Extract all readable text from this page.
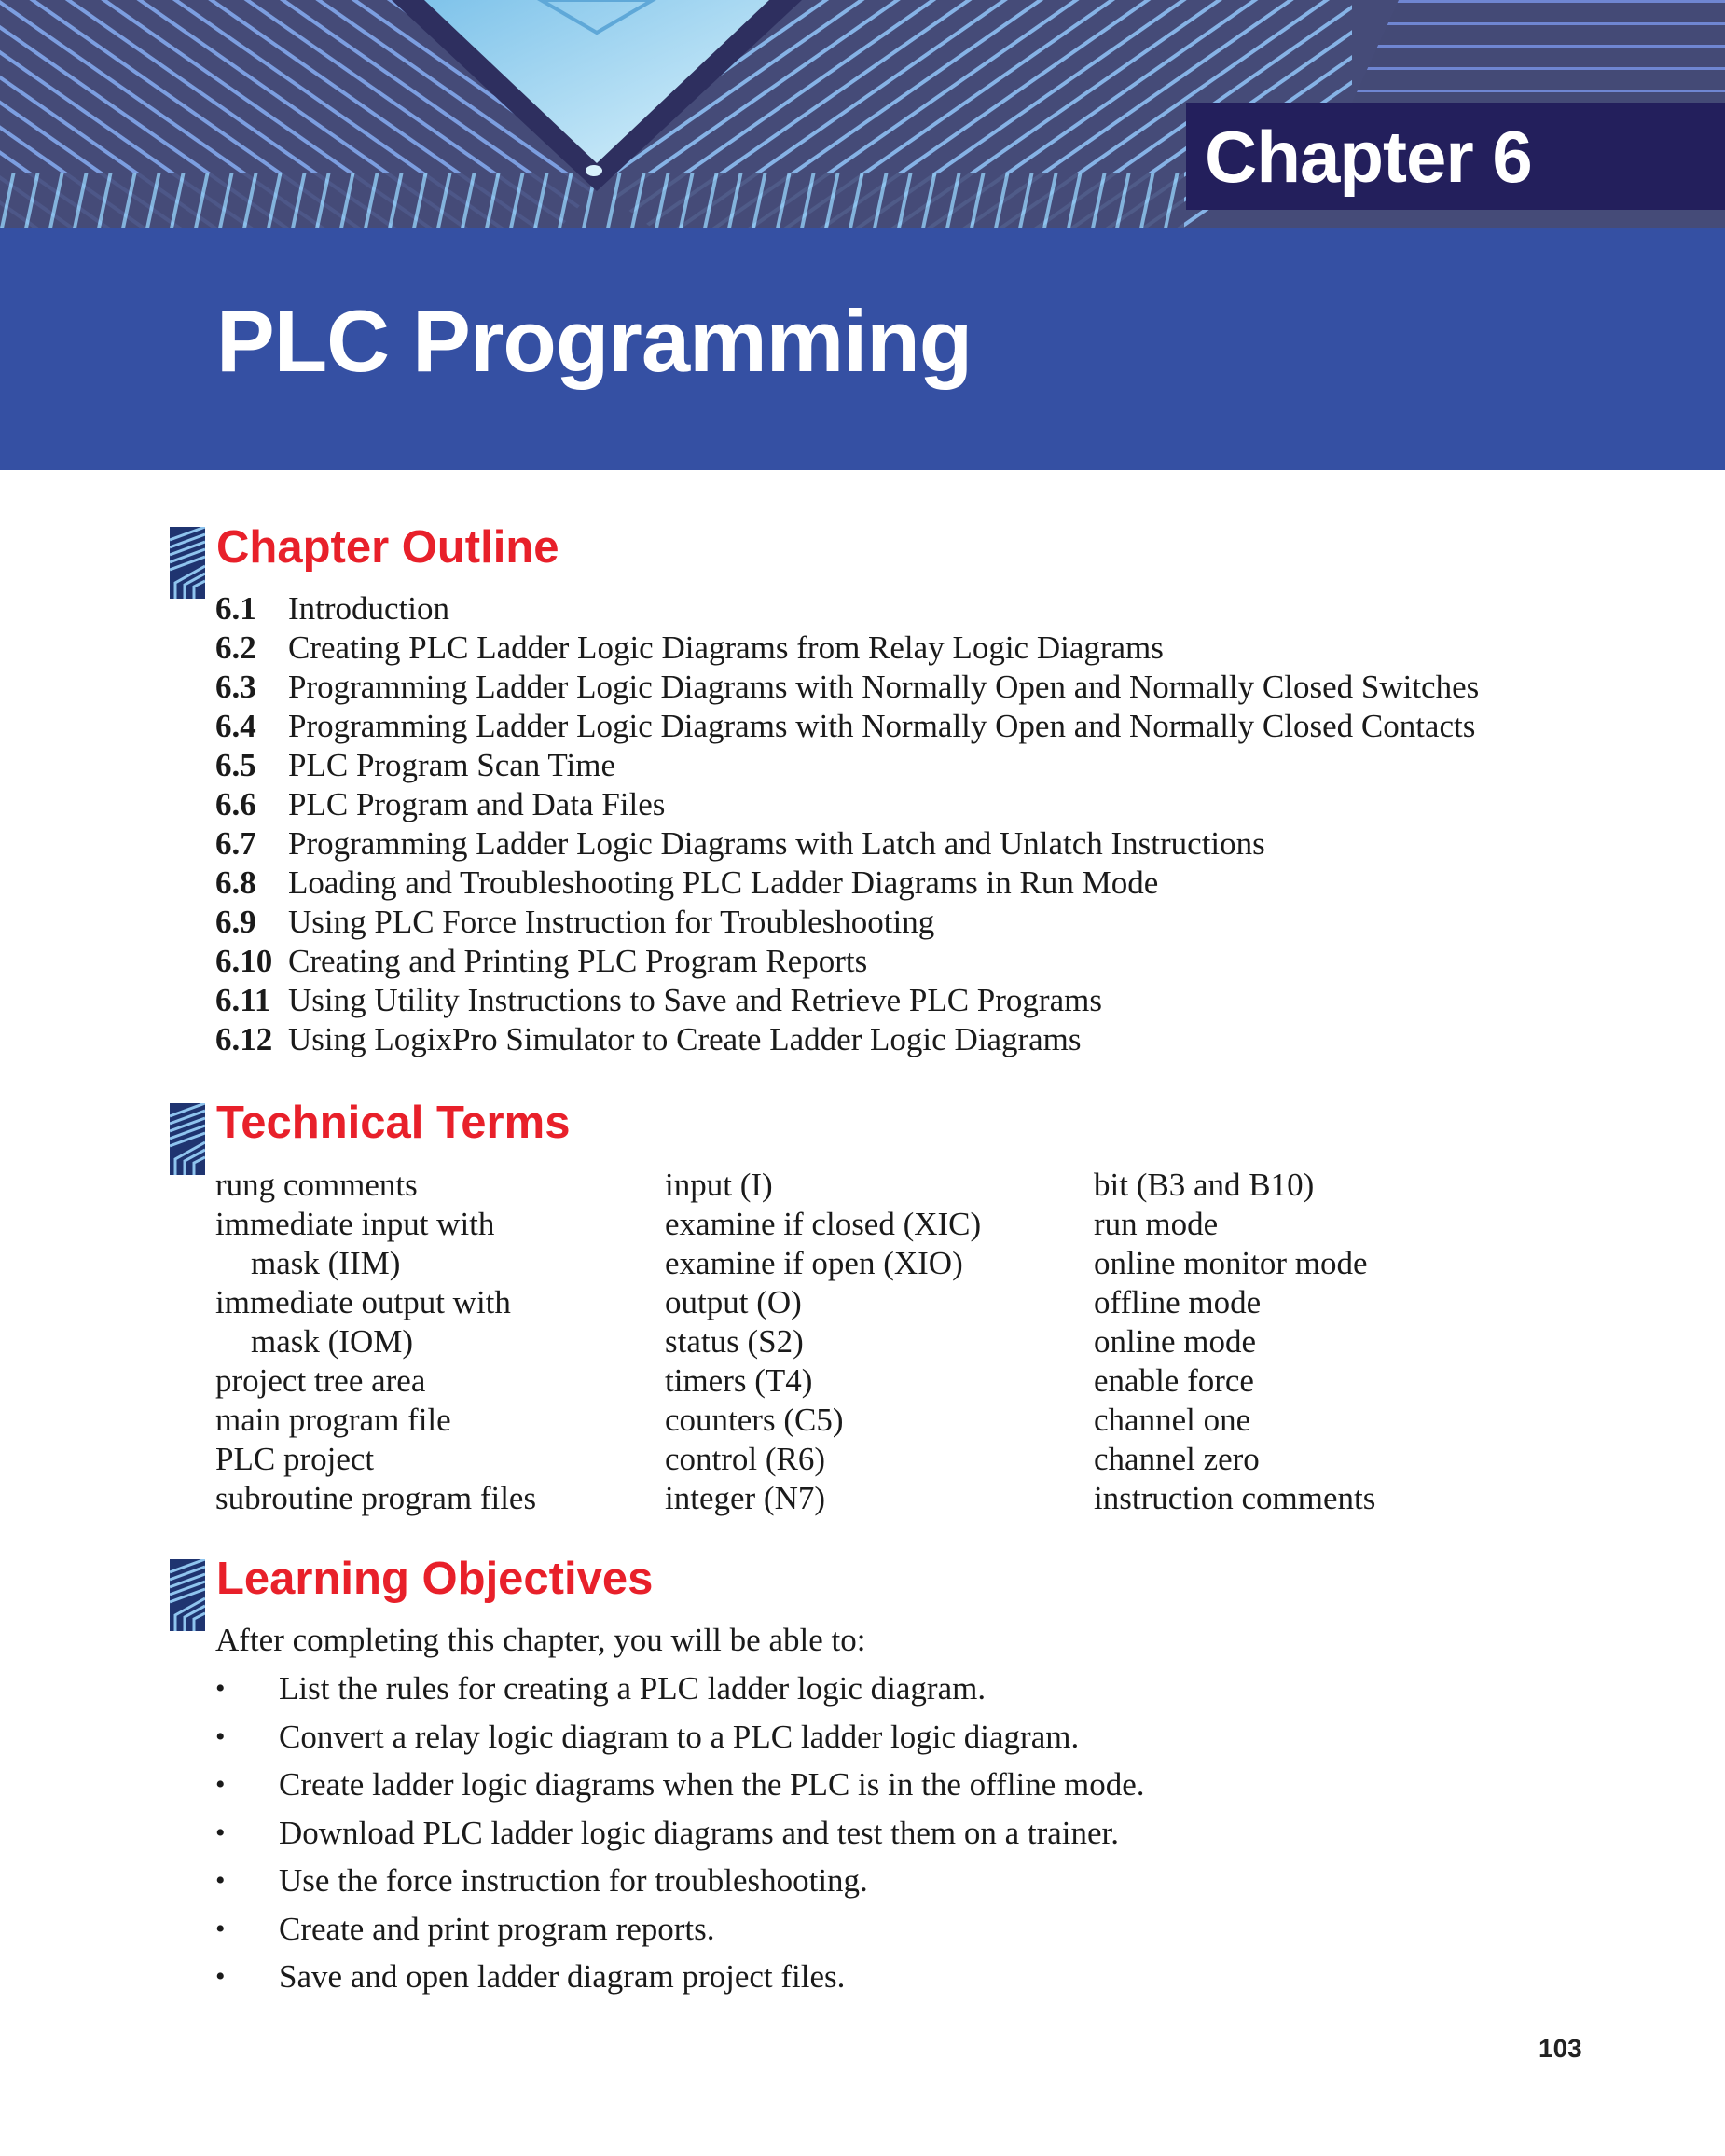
Chapter 6
PLC Programming
Chapter Outline
6.1 Introduction
6.2 Creating PLC Ladder Logic Diagrams from Relay Logic Diagrams
6.3 Programming Ladder Logic Diagrams with Normally Open and Normally Closed Switches
6.4 Programming Ladder Logic Diagrams with Normally Open and Normally Closed Contacts
6.5 PLC Program Scan Time
6.6 PLC Program and Data Files
6.7 Programming Ladder Logic Diagrams with Latch and Unlatch Instructions
6.8 Loading and Troubleshooting PLC Ladder Diagrams in Run Mode
6.9 Using PLC Force Instruction for Troubleshooting
6.10 Creating and Printing PLC Program Reports
6.11 Using Utility Instructions to Save and Retrieve PLC Programs
6.12 Using LogixPro Simulator to Create Ladder Logic Diagrams
Technical Terms
rung comments
immediate input with
mask (IIM)
immediate output with
mask (IOM)
project tree area
main program file
PLC project
subroutine program files
input (I)
examine if closed (XIC)
examine if open (XIO)
output (O)
status (S2)
timers (T4)
counters (C5)
control (R6)
integer (N7)
bit (B3 and B10)
run mode
online monitor mode
offline mode
online mode
enable force
channel one
channel zero
instruction comments
Learning Objectives

After completing this chapter, you will be able to:

• List the rules for creating a PLC ladder logic diagram.
• Convert a relay logic diagram to a PLC ladder logic diagram.
• Create ladder logic diagrams when the PLC is in the offline mode.
• Download PLC ladder logic diagrams and test them on a trainer.
• Use the force instruction for troubleshooting.
• Create and print program reports.
• Save and open ladder diagram project files.
103
